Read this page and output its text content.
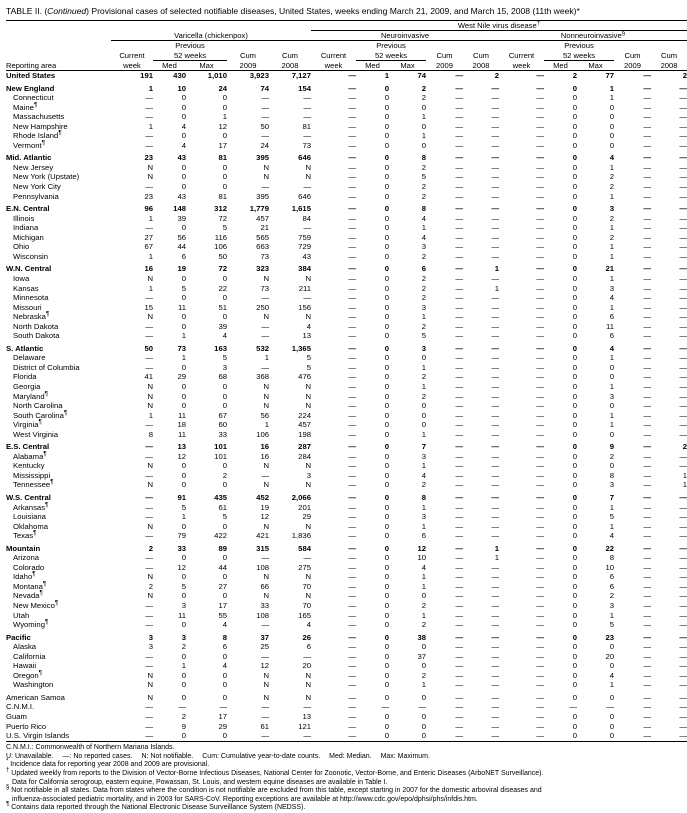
TABLE II. (Continued) Provisional cases of selected notifiable diseases, United States, weeks ending March 21, 2009, and March 15, 2008 (11th week)*
						West Nile virus disease†
	Varicella (chickenpox)					Neuroinvasive					Nonneuroinvasive§
		Previous					Previous					Previous			
	Current	52 weeks		Cum	Cum	Current	52 weeks		Cum	Cum	Current	52 weeks		Cum	Cum
Reporting area	week	Med	Max	2009	2008	week	Med	Max	2009	2008	week	Med	Max	2009	2008
United States	191	430	1,010	3,923	7,127	—	1	74	—	2	—	2	77	—	2
New England	1	10	24	74	154	—	0	2	—	—	—	0	1	—	—
Connecticut	—	0	0	—	—	—	0	2	—	—	—	0	1	—	—
Maine¶	—	0	0	—	—	—	0	0	—	—	—	0	0	—	—
Massachusetts	—	0	1	—	—	—	0	1	—	—	—	0	0	—	—
New Hampshire	1	4	12	50	81	—	0	0	—	—	—	0	0	—	—
Rhode Island¶	—	0	0	—	—	—	0	1	—	—	—	0	0	—	—
Vermont¶	—	4	17	24	73	—	0	0	—	—	—	0	0	—	—
Mid. Atlantic	23	43	81	395	646	—	0	8	—	—	—	0	4	—	—
New Jersey	N	0	0	N	N	—	0	2	—	—	—	0	1	—	—
New York (Upstate)	N	0	0	N	N	—	0	5	—	—	—	0	2	—	—
New York City	—	0	0	—	—	—	0	2	—	—	—	0	2	—	—
Pennsylvania	23	43	81	395	646	—	0	2	—	—	—	0	1	—	—
E.N. Central	96	148	312	1,779	1,615	—	0	8	—	—	—	0	3	—	—
Illinois	1	39	72	457	84	—	0	4	—	—	—	0	2	—	—
Indiana	—	0	5	21	—	—	0	1	—	—	—	0	1	—	—
Michigan	27	56	116	565	759	—	0	4	—	—	—	0	2	—	—
Ohio	67	44	106	663	729	—	0	3	—	—	—	0	1	—	—
Wisconsin	1	6	50	73	43	—	0	2	—	—	—	0	1	—	—
W.N. Central	16	19	72	323	384	—	0	6	—	1	—	0	21	—	—
Iowa	N	0	0	N	N	—	0	2	—	—	—	0	1	—	—
Kansas	1	5	22	73	211	—	0	2	—	1	—	0	3	—	—
Minnesota	—	0	0	—	—	—	0	2	—	—	—	0	4	—	—
Missouri	15	11	51	250	156	—	0	3	—	—	—	0	1	—	—
Nebraska¶	N	0	0	N	N	—	0	1	—	—	—	0	6	—	—
North Dakota	—	0	39	—	4	—	0	2	—	—	—	0	11	—	—
South Dakota	—	1	4	—	13	—	0	5	—	—	—	0	6	—	—
S. Atlantic	50	73	163	532	1,365	—	0	3	—	—	—	0	4	—	—
Delaware	—	1	5	1	5	—	0	0	—	—	—	0	1	—	—
District of Columbia	—	0	3	—	5	—	0	1	—	—	—	0	0	—	—
Florida	41	29	68	368	476	—	0	2	—	—	—	0	0	—	—
Georgia	N	0	0	N	N	—	0	1	—	—	—	0	1	—	—
Maryland¶	N	0	0	N	N	—	0	2	—	—	—	0	3	—	—
North Carolina	N	0	0	N	N	—	0	0	—	—	—	0	0	—	—
South Carolina¶	1	11	67	56	224	—	0	0	—	—	—	0	1	—	—
Virginia¶	—	18	60	1	457	—	0	0	—	—	—	0	1	—	—
West Virginia	8	11	33	106	198	—	0	1	—	—	—	0	0	—	—
E.S. Central	—	13	101	16	287	—	0	7	—	—	—	0	9	—	2
Alabama¶	—	12	101	16	284	—	0	3	—	—	—	0	2	—	—
Kentucky	N	0	0	N	N	—	0	1	—	—	—	0	0	—	—
Mississippi	—	0	2	—	3	—	0	4	—	—	—	0	8	—	1
Tennessee¶	N	0	0	N	N	—	0	2	—	—	—	0	3	—	1
W.S. Central	—	91	435	452	2,066	—	0	8	—	—	—	0	7	—	—
Arkansas¶	—	5	61	19	201	—	0	1	—	—	—	0	1	—	—
Louisiana	—	1	5	12	29	—	0	3	—	—	—	0	5	—	—
Oklahoma	N	0	0	N	N	—	0	1	—	—	—	0	1	—	—
Texas¶	—	79	422	421	1,836	—	0	6	—	—	—	0	4	—	—
Mountain	2	33	89	315	584	—	0	12	—	1	—	0	22	—	—
Arizona	—	0	0	—	—	—	0	10	—	1	—	0	8	—	—
Colorado	—	12	44	108	275	—	0	4	—	—	—	0	10	—	—
Idaho¶	N	0	0	N	N	—	0	1	—	—	—	0	6	—	—
Montana¶	2	5	27	66	70	—	0	1	—	—	—	0	6	—	—
Nevada¶	N	0	0	N	N	—	0	0	—	—	—	0	2	—	—
New Mexico¶	—	3	17	33	70	—	0	2	—	—	—	0	3	—	—
Utah	—	11	55	108	165	—	0	1	—	—	—	0	1	—	—
Wyoming¶	—	0	4	—	4	—	0	2	—	—	—	0	5	—	—
Pacific	3	3	8	37	26	—	0	38	—	—	—	0	23	—	—
Alaska	3	2	6	25	6	—	0	0	—	—	—	0	0	—	—
California	—	0	0	—	—	—	0	37	—	—	—	0	20	—	—
Hawaii	—	1	4	12	20	—	0	0	—	—	—	0	0	—	—
Oregon¶	N	0	0	N	N	—	0	2	—	—	—	0	4	—	—
Washington	N	0	0	N	N	—	0	1	—	—	—	0	1	—	—
American Samoa	N	0	0	N	N	—	0	0	—	—	—	0	0	—	—
C.N.M.I.	—	—	—	—	—	—	—	—	—	—	—	—	—	—	—
Guam	—	2	17	—	13	—	0	0	—	—	—	0	0	—	—
Puerto Rico	—	9	29	61	121	—	0	0	—	—	—	0	0	—	—
U.S. Virgin Islands	—	0	0	—	—	—	0	0	—	—	—	0	0	—	—
C.N.M.I.: Commonwealth of Northern Mariana Islands.
U: Unavailable. —: No reported cases. N: Not notifiable. Cum: Cumulative year-to-date counts. Med: Median. Max: Maximum.
* Incidence data for reporting year 2008 and 2009 are provisional.
† Updated weekly from reports to the Division of Vector-Borne Infectious Diseases, National Center for Zoonotic, Vector-Borne, and Enteric Diseases (ArboNET Surveillance).
Data for California serogroup, eastern equine, Powassan, St. Louis, and western equine diseases are available in Table I.
§ Not notifiable in all states. Data from states where the condition is not notifiable are excluded from this table, except starting in 2007 for the domestic arboviral diseases and
influenza-associated pediatric mortality, and in 2003 for SARS-CoV. Reporting exceptions are available at http://www.cdc.gov/epo/dphsi/phs/infdis.htm.
¶ Contains data reported through the National Electronic Disease Surveillance System (NEDSS).
